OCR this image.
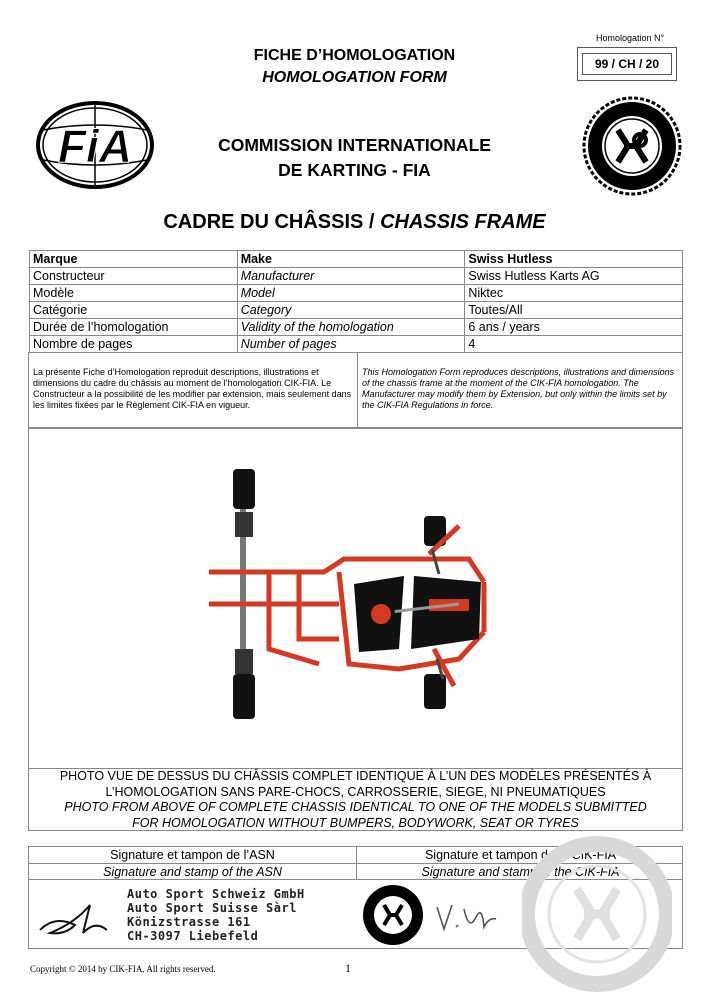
Homologation N°
99 / CH / 20
FICHE D’HOMOLOGATION
HOMOLOGATION FORM
COMMISSION INTERNATIONALE
DE KARTING - FIA
FiA
CADRE DU CHÂSSIS / CHASSIS FRAME
Marque	Make	Swiss Hutless
Constructeur	Manufacturer	Swiss Hutless Karts AG
Modèle	Model	Niktec
Catégorie	Category	Toutes/All
Durée de l’homologation	Validity of the homologation	6 ans / years
Nombre de pages	Number of pages	4
La présente Fiche d’Homologation reproduit descriptions, illustrations et dimensions du cadre du châssis au moment de l’homologation CIK-FIA. Le Constructeur a la possibilité de les modifier par extension, mais seulement dans les limites fixées par le Règlement CIK-FIA en vigueur.
This Homologation Form reproduces descriptions, illustrations and dimensions of the chassis frame at the moment of the CIK-FIA homologation. The Manufacturer may modify them by Extension, but only within the limits set by the CIK-FIA Regulations in force.
PHOTO VUE DE DESSUS DU CHÂSSIS COMPLET IDENTIQUE À L’UN DES MODÈLES PRÉSENTÉS À
L’HOMOLOGATION SANS PARE-CHOCS, CARROSSERIE, SIEGE, NI PNEUMATIQUES
PHOTO FROM ABOVE OF COMPLETE CHASSIS IDENTICAL TO ONE OF THE MODELS SUBMITTED
FOR HOMOLOGATION WITHOUT BUMPERS, BODYWORK, SEAT OR TYRES
Signature et tampon de l’ASN
Signature and stamp of the ASN
Signature et tampon de la CIK-FIA
Signature and stamp of the CIK-FIA
Auto Sport Schweiz GmbH
Auto Sport Suisse Sàrl
Könizstrasse 161
CH-3097 Liebefeld
Copyright © 2014 by CIK-FIA. All rights reserved.	1
